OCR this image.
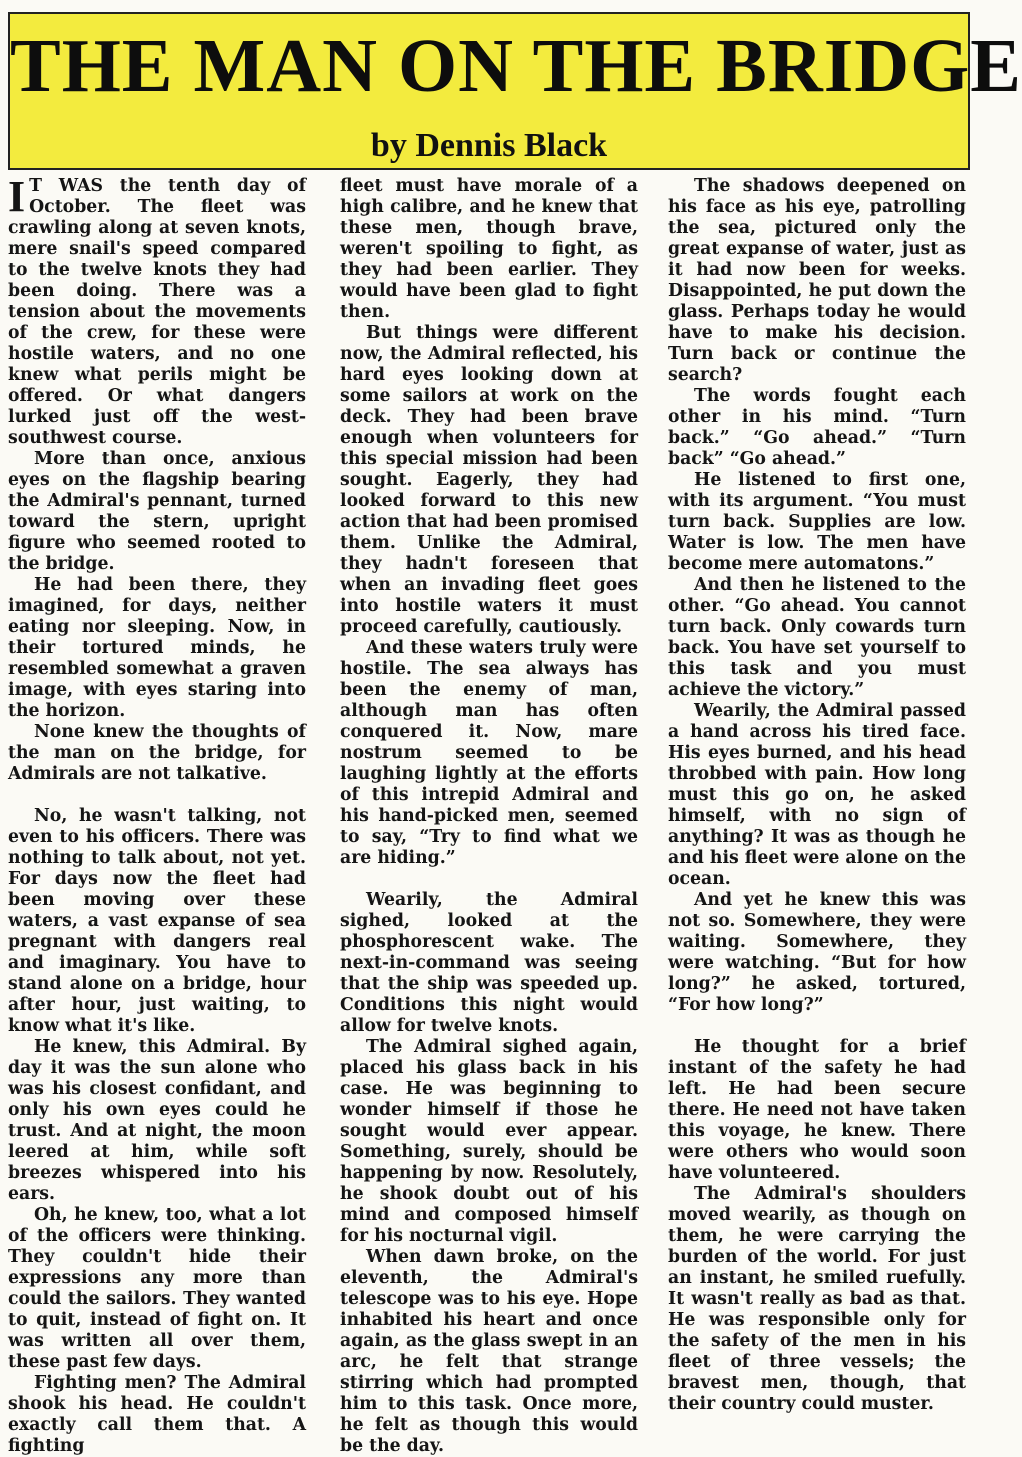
THE MAN ON THE BRIDGE
by Dennis Black

I T WAS the tenth day of October. The fleet was crawling along at seven knots, mere snail's speed compared to the twelve knots they had been doing. There was a tension about the movements of the crew, for these were hostile waters, and no one knew what perils might be offered. Or what dangers lurked just off the west-southwest course.

More than once, anxious eyes on the flagship bearing the Admiral's pennant, turned toward the stern, upright figure who seemed rooted to the bridge.

He had been there, they imagined, for days, neither eating nor sleeping. Now, in their tortured minds, he resembled somewhat a graven image, with eyes staring into the horizon.

None knew the thoughts of the man on the bridge, for Admirals are not talkative.

No, he wasn't talking, not even to his officers. There was nothing to talk about, not yet. For days now the fleet had been moving over these waters, a vast expanse of sea pregnant with dangers real and imaginary. You have to stand alone on a bridge, hour after hour, just waiting, to know what it's like.

He knew, this Admiral. By day it was the sun alone who was his closest confidant, and only his own eyes could he trust. And at night, the moon leered at him, while soft breezes whispered into his ears.

Oh, he knew, too, what a lot of the officers were thinking. They couldn't hide their expressions any more than could the sailors. They wanted to quit, instead of fight on. It was written all over them, these past few days.

Fighting men? The Admiral shook his head. He couldn't exactly call them that. A fighting

fleet must have morale of a high calibre, and he knew that these men, though brave, weren't spoiling to fight, as they had been earlier. They would have been glad to fight then.

But things were different now, the Admiral reflected, his hard eyes looking down at some sailors at work on the deck. They had been brave enough when volunteers for this special mission had been sought. Eagerly, they had looked forward to this new action that had been promised them. Unlike the Admiral, they hadn't foreseen that when an invading fleet goes into hostile waters it must proceed carefully, cautiously.

And these waters truly were hostile. The sea always has been the enemy of man, although man has often conquered it. Now, mare nostrum seemed to be laughing lightly at the efforts of this intrepid Admiral and his hand-picked men, seemed to say, “Try to find what we are hiding.”

Wearily, the Admiral sighed, looked at the phosphorescent wake. The next-in-command was seeing that the ship was speeded up. Conditions this night would allow for twelve knots.

The Admiral sighed again, placed his glass back in his case. He was beginning to wonder himself if those he sought would ever appear. Something, surely, should be happening by now. Resolutely, he shook doubt out of his mind and composed himself for his nocturnal vigil.

When dawn broke, on the eleventh, the Admiral's telescope was to his eye. Hope inhabited his heart and once again, as the glass swept in an arc, he felt that strange stirring which had prompted him to this task. Once more, he felt as though this would be the day.

The shadows deepened on his face as his eye, patrolling the sea, pictured only the great expanse of water, just as it had now been for weeks. Disappointed, he put down the glass. Perhaps today he would have to make his decision. Turn back or continue the search?

The words fought each other in his mind. “Turn back.” “Go ahead.” “Turn back” “Go ahead.”

He listened to first one, with its argument. “You must turn back. Supplies are low. Water is low. The men have become mere automatons.”

And then he listened to the other. “Go ahead. You cannot turn back. Only cowards turn back. You have set yourself to this task and you must achieve the victory.”

Wearily, the Admiral passed a hand across his tired face. His eyes burned, and his head throbbed with pain. How long must this go on, he asked himself, with no sign of anything? It was as though he and his fleet were alone on the ocean.

And yet he knew this was not so. Somewhere, they were waiting. Somewhere, they were watching. “But for how long?” he asked, tortured, “For how long?”

He thought for a brief instant of the safety he had left. He had been secure there. He need not have taken this voyage, he knew. There were others who would soon have volunteered.

The Admiral's shoulders moved wearily, as though on them, he were carrying the burden of the world. For just an instant, he smiled ruefully. It wasn't really as bad as that. He was responsible only for the safety of the men in his fleet of three vessels; the bravest men, though, that their country could muster.
